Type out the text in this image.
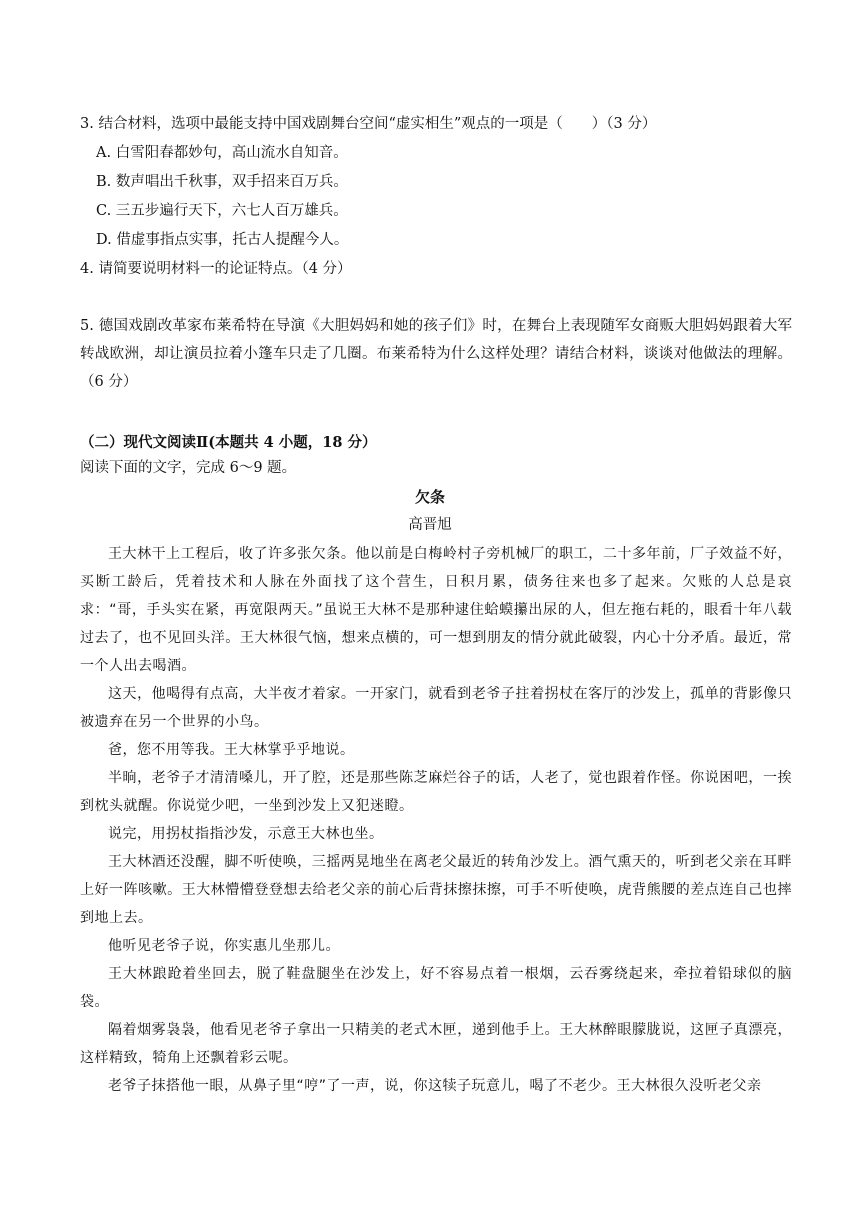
3. 结合材料，选项中最能支持中国戏剧舞台空间“虚实相生”观点的一项是（　　）（3 分）
A. 白雪阳春都妙句，高山流水自知音。
B. 数声唱出千秋事，双手招来百万兵。
C. 三五步遍行天下，六七人百万雄兵。
D. 借虚事指点实事，托古人提醒今人。
4. 请简要说明材料一的论证特点。（4 分）

5. 德国戏剧改革家布莱希特在导演《大胆妈妈和她的孩子们》时，在舞台上表现随军女商贩大胆妈妈跟着大军转战欧洲，却让演员拉着小篷车只走了几圈。布莱希特为什么这样处理？请结合材料，谈谈对他做法的理解。（6 分）

（二）现代文阅读Ⅱ(本题共 4 小题，18 分）
阅读下面的文字，完成 6～9 题。
欠条
高晋旭

王大林干上工程后，收了许多张欠条。他以前是白梅岭村子旁机械厂的职工，二十多年前，厂子效益不好，买断工龄后，凭着技术和人脉在外面找了这个营生，日积月累，债务往来也多了起来。欠账的人总是哀求：“哥，手头实在紧，再宽限两天。”虽说王大林不是那种逮住蛤蟆攥出尿的人，但左拖右耗的，眼看十年八载过去了，也不见回头洋。王大林很气恼，想来点横的，可一想到朋友的情分就此破裂，内心十分矛盾。最近，常一个人出去喝酒。

这天，他喝得有点高，大半夜才着家。一开家门，就看到老爷子拄着拐杖在客厅的沙发上，孤单的背影像只被遗弃在另一个世界的小鸟。

爸，您不用等我。王大林掌乎乎地说。

半晌，老爷子才清清嗓儿，开了腔，还是那些陈芝麻烂谷子的话，人老了，觉也跟着作怪。你说困吧，一挨到枕头就醒。你说觉少吧，一坐到沙发上又犯迷瞪。

说完，用拐杖指指沙发，示意王大林也坐。

王大林酒还没醒，脚不听使唤，三摇两晃地坐在离老父最近的转角沙发上。酒气熏天的，听到老父亲在耳畔上好一阵咳嗽。王大林懵懵登登想去给老父亲的前心后背抹擦抹擦，可手不听使唤，虎背熊腰的差点连自己也摔到地上去。

他听见老爷子说，你实惠儿坐那儿。

王大林踉跄着坐回去，脱了鞋盘腿坐在沙发上，好不容易点着一根烟，云吞雾绕起来，牵拉着铅球似的脑袋。

隔着烟雾袅袅，他看见老爷子拿出一只精美的老式木匣，递到他手上。王大林醉眼朦胧说，这匣子真漂亮，这样精致，犄角上还飘着彩云呢。

老爷子抹搭他一眼，从鼻子里“哼”了一声，说，你这犊子玩意儿，喝了不老少。王大林很久没听老父亲
